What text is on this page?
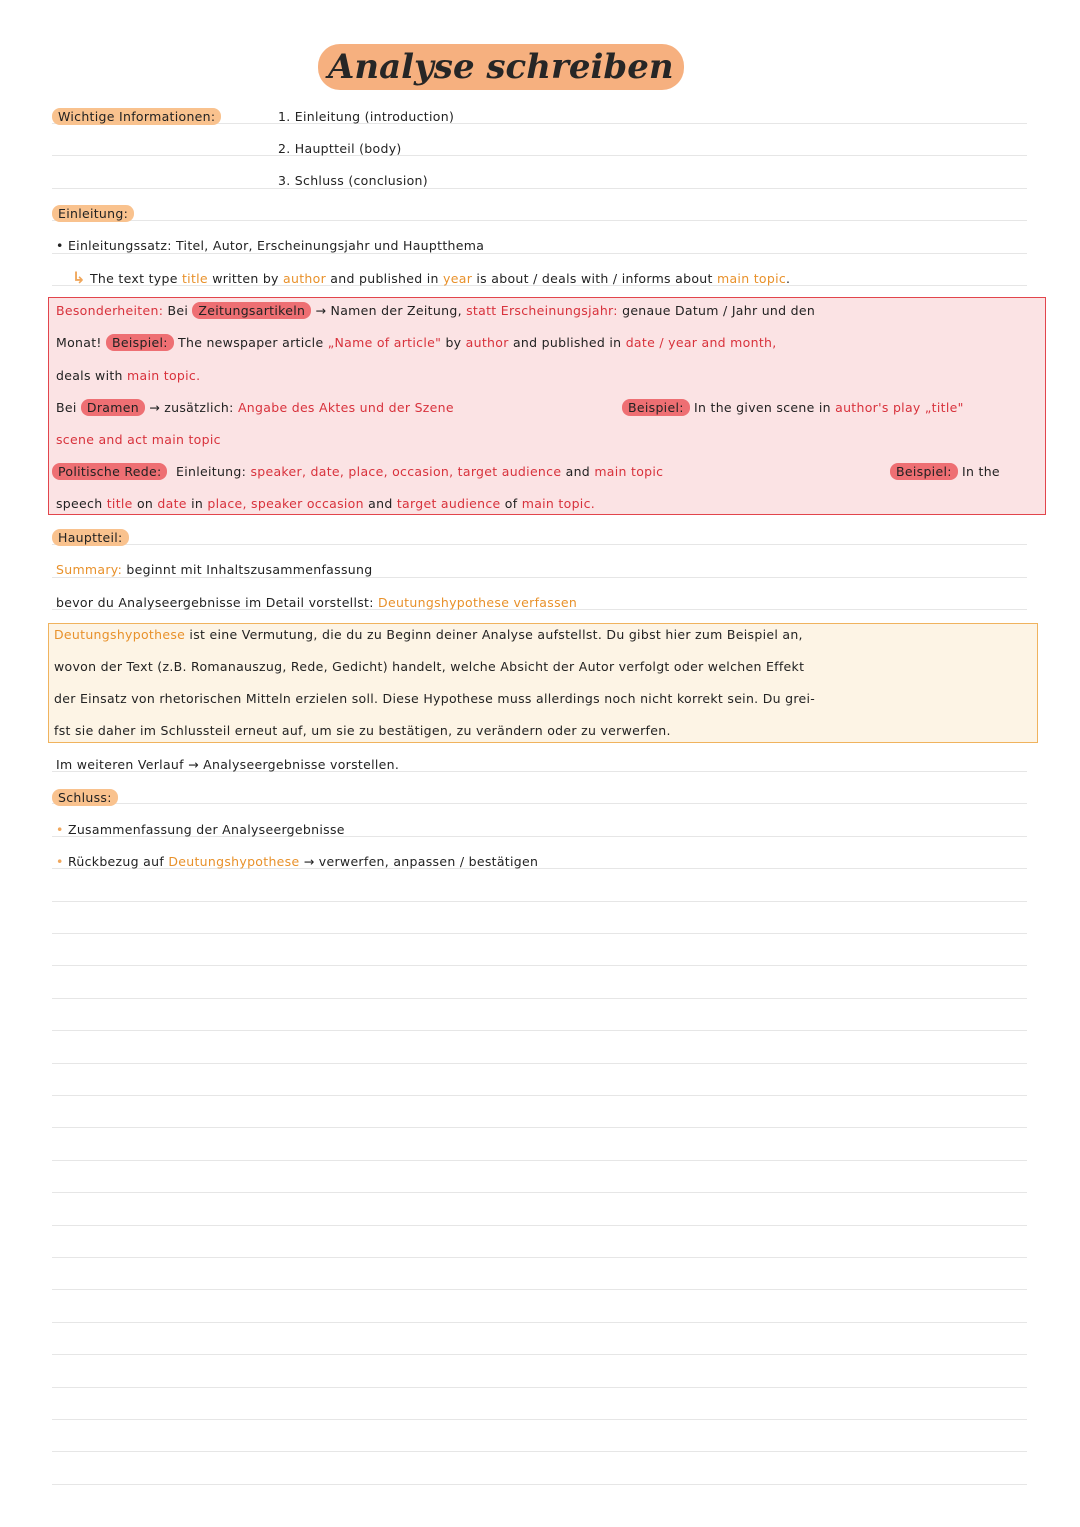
Analyse schreiben
Wichtige Informationen:	1. Einleitung (introduction)
2. Hauptteil (body)
3. Schluss (conclusion)
Einleitung:
• Einleitungssatz: Titel, Autor, Erscheinungsjahr und Hauptthema
↳ The text type title written by author and published in year is about / deals with / informs about main topic.
Besonderheiten: Bei Zeitungsartikeln → Namen der Zeitung, statt Erscheinungsjahr: genaue Datum / Jahr und den
Monat! Beispiel: The newspaper article „Name of article" by author and published in date / year and month,
deals with main topic.
Bei Dramen → zusätzlich: Angabe des Aktes und der Szene	Beispiel: In the given scene in author's play „title"
scene and act main topic
Politische Rede: Einleitung: speaker, date, place, occasion, target audience and main topic	Beispiel: In the
speech title on date in place, speaker occasion and target audience of main topic.
Hauptteil:
Summary: beginnt mit Inhaltszusammenfassung
bevor du Analyseergebnisse im Detail vorstellst: Deutungshypothese verfassen
Deutungshypothese ist eine Vermutung, die du zu Beginn deiner Analyse aufstellst. Du gibst hier zum Beispiel an,
wovon der Text (z.B. Romanauszug, Rede, Gedicht) handelt, welche Absicht der Autor verfolgt oder welchen Effekt
der Einsatz von rhetorischen Mitteln erzielen soll. Diese Hypothese muss allerdings noch nicht korrekt sein. Du grei-
fst sie daher im Schlussteil erneut auf, um sie zu bestätigen, zu verändern oder zu verwerfen.
Im weiteren Verlauf → Analyseergebnisse vorstellen.
Schluss:
• Zusammenfassung der Analyseergebnisse
• Rückbezug auf Deutungshypothese → verwerfen, anpassen / bestätigen
